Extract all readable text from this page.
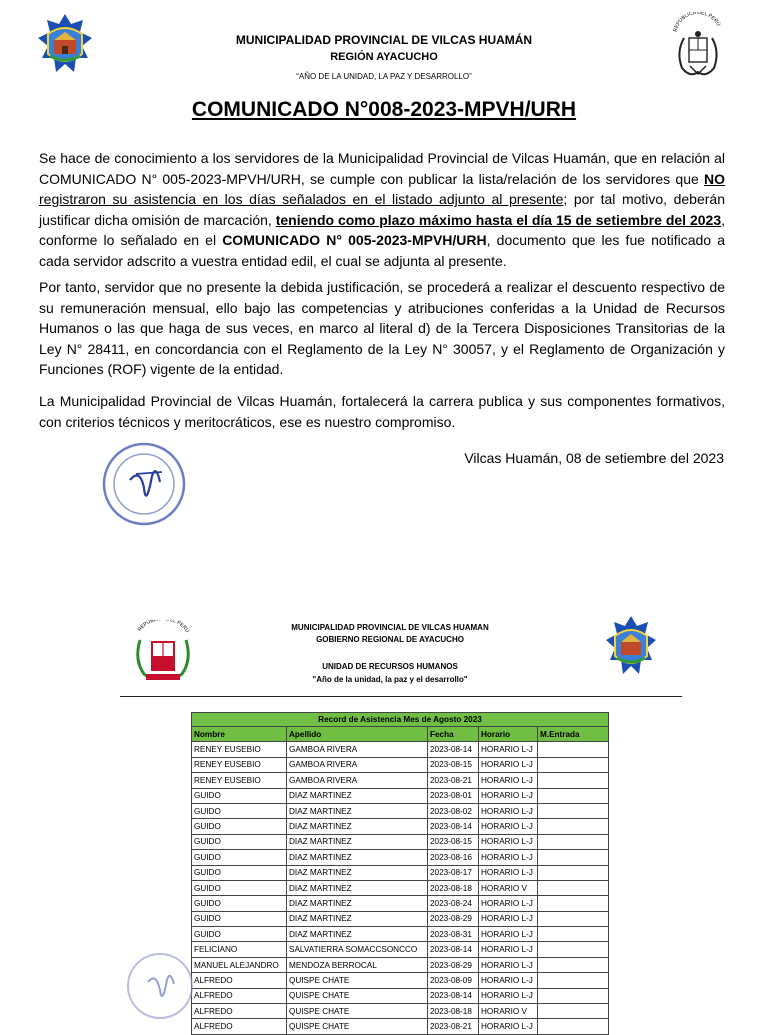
MUNICIPALIDAD PROVINCIAL DE VILCAS HUAMÁN
REGIÓN AYACUCHO
“AÑO DE LA UNIDAD, LA PAZ Y DESARROLLO”
REPÚBLICA DEL PERÚ
COMUNICADO N°008-2023-MPVH/URH
Se hace de conocimiento a los servidores de la Municipalidad Provincial de Vilcas Huamán, que en relación al COMUNICADO N° 005-2023-MPVH/URH, se cumple con publicar la lista/relación de los servidores que NO registraron su asistencia en los días señalados en el listado adjunto al presente; por tal motivo, deberán justificar dicha omisión de marcación, teniendo como plazo máximo hasta el día 15 de setiembre del 2023, conforme lo señalado en el COMUNICADO N° 005-2023-MPVH/URH, documento que les fue notificado a cada servidor adscrito a vuestra entidad edil, el cual se adjunta al presente.
Por tanto, servidor que no presente la debida justificación, se procederá a realizar el descuento respectivo de su remuneración mensual, ello bajo las competencias y atribuciones conferidas a la Unidad de Recursos Humanos o las que haga de sus veces, en marco al literal d) de la Tercera Disposiciones Transitorias de la Ley N° 28411, en concordancia con el Reglamento de la Ley N° 30057, y el Reglamento de Organización y Funciones (ROF) vigente de la entidad.
La Municipalidad Provincial de Vilcas Huamán, fortalecerá la carrera publica y sus componentes formativos, con criterios técnicos y meritocráticos, ese es nuestro compromiso.
Vilcas Huamán, 08 de setiembre del 2023
REPÚBL EL PERÚ	MUNICIPALIDAD PROVINCIAL DE VILCAS HUAMAN
GOBIERNO REGIONAL DE AYACUCHO
UNIDAD DE RECURSOS HUMANOS
"Año de la unidad, la paz y el desarrollo"
Record de Asistencia Mes de Agosto 2023				
Nombre	Apellido	Fecha	Horario	M.Entrada
RENEY EUSEBIO	GAMBOA RIVERA	2023-08-14	HORARIO L-J	
RENEY EUSEBIO	GAMBOA RIVERA	2023-08-15	HORARIO L-J	
RENEY EUSEBIO	GAMBOA RIVERA	2023-08-21	HORARIO L-J	
GUIDO	DIAZ MARTINEZ	2023-08-01	HORARIO L-J	
GUIDO	DIAZ MARTINEZ	2023-08-02	HORARIO L-J	
GUIDO	DIAZ MARTINEZ	2023-08-14	HORARIO L-J	
GUIDO	DIAZ MARTINEZ	2023-08-15	HORARIO L-J	
GUIDO	DIAZ MARTINEZ	2023-08-16	HORARIO L-J	
GUIDO	DIAZ MARTINEZ	2023-08-17	HORARIO L-J	
GUIDO	DIAZ MARTINEZ	2023-08-18	HORARIO V	
GUIDO	DIAZ MARTINEZ	2023-08-24	HORARIO L-J	
GUIDO	DIAZ MARTINEZ	2023-08-29	HORARIO L-J	
GUIDO	DIAZ MARTINEZ	2023-08-31	HORARIO L-J	
FELICIANO	SALVATIERRA SOMACCSONCCO	2023-08-14	HORARIO L-J	
MANUEL ALEJANDRO	MENDOZA BERROCAL	2023-08-29	HORARIO L-J	
ALFREDO	QUISPE CHATE	2023-08-09	HORARIO L-J	
ALFREDO	QUISPE CHATE	2023-08-14	HORARIO L-J	
ALFREDO	QUISPE CHATE	2023-08-18	HORARIO V	
ALFREDO	QUISPE CHATE	2023-08-21	HORARIO L-J	
